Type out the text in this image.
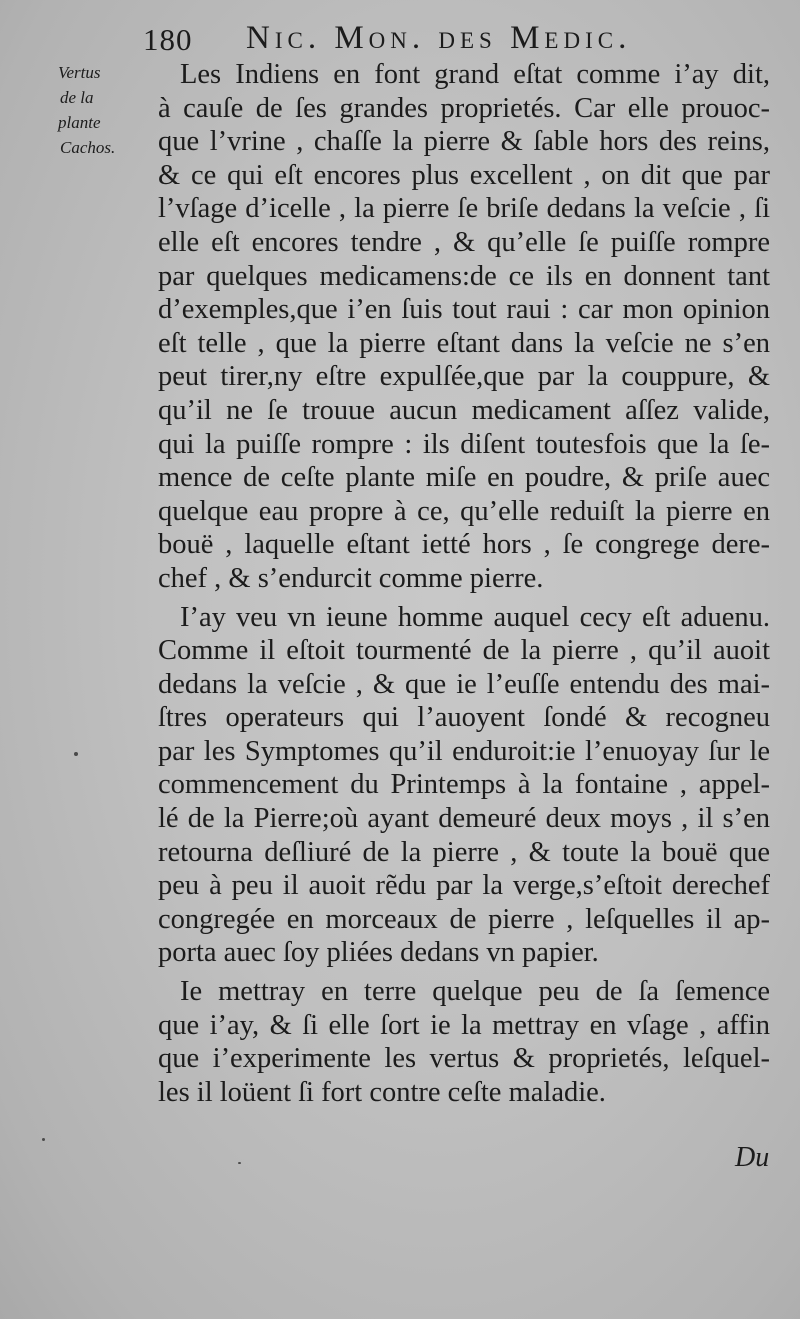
180 Nic. Mon. des Medic.
Vertus
de la
plante
Cachos.
Les Indiens en font grand eſtat comme i’ay dit,
à cauſe de ſes grandes proprietés. Car elle prouoc-
que l’vrine , chaſſe la pierre & ſable hors des reins,
& ce qui eſt encores plus excellent , on dit que par
l’vſage d’icelle , la pierre ſe briſe dedans la veſcie , ſi
elle eſt encores tendre , & qu’elle ſe puiſſe rompre
par quelques medicamens:de ce ils en donnent tant
d’exemples,que i’en ſuis tout raui : car mon opinion
eſt telle , que la pierre eſtant dans la veſcie ne s’en
peut tirer,ny eſtre expulſée,que par la couppure, &
qu’il ne ſe trouue aucun medicament aſſez valide,
qui la puiſſe rompre : ils diſent toutesfois que la ſe-
mence de ceſte plante miſe en poudre, & priſe auec
quelque eau propre à ce, qu’elle reduiſt la pierre en
bouë , laquelle eſtant ietté hors , ſe congrege dere-
chef , & s’endurcit comme pierre.
I’ay veu vn ieune homme auquel cecy eſt aduenu.
Comme il eſtoit tourmenté de la pierre , qu’il auoit
dedans la veſcie , & que ie l’euſſe entendu des mai-
ſtres operateurs qui l’auoyent ſondé & recogneu
par les Symptomes qu’il enduroit:ie l’enuoyay ſur le
commencement du Printemps à la fontaine , appel-
lé de la Pierre;où ayant demeuré deux moys , il s’en
retourna deſliuré de la pierre , & toute la bouë que
peu à peu il auoit rẽdu par la verge,s’eſtoit derechef
congregée en morceaux de pierre , leſquelles il ap-
porta auec ſoy pliées dedans vn papier.
Ie mettray en terre quelque peu de ſa ſemence
que i’ay, & ſi elle ſort ie la mettray en vſage , affin
que i’experimente les vertus & proprietés, leſquel-
les il loüent ſi fort contre ceſte maladie.
Du
